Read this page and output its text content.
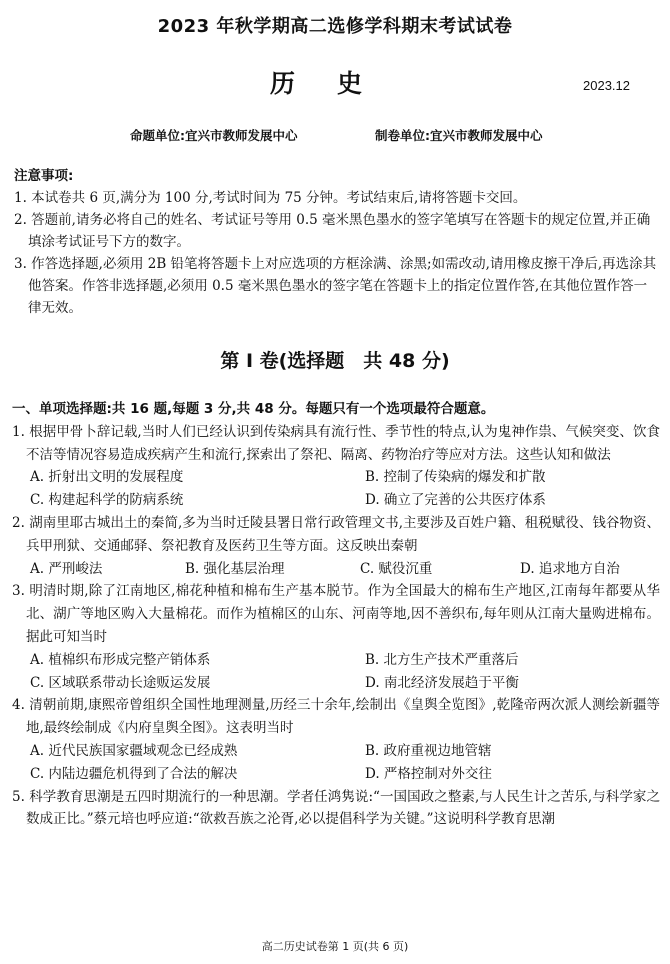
2023 年秋学期高二选修学科期末考试试卷
历史	2023.12
命题单位:宜兴市教师发展中心	制卷单位:宜兴市教师发展中心
注意事项:
1. 本试卷共 6 页,满分为 100 分,考试时间为 75 分钟。考试结束后,请将答题卡交回。
2. 答题前,请务必将自己的姓名、考试证号等用 0.5 毫米黑色墨水的签字笔填写在答题卡的规定位置,并正确填涂考试证号下方的数字。
3. 作答选择题,必须用 2B 铅笔将答题卡上对应选项的方框涂满、涂黑;如需改动,请用橡皮擦干净后,再选涂其他答案。作答非选择题,必须用 0.5 毫米黑色墨水的签字笔在答题卡上的指定位置作答,在其他位置作答一律无效。
第 I 卷(选择题　共 48 分)
一、单项选择题:共 16 题,每题 3 分,共 48 分。每题只有一个选项最符合题意。
1. 根据甲骨卜辞记载,当时人们已经认识到传染病具有流行性、季节性的特点,认为鬼神作祟、气候突变、饮食不洁等情况容易造成疾病产生和流行,探索出了祭祀、隔离、药物治疗等应对方法。这些认知和做法
A. 折射出文明的发展程度	B. 控制了传染病的爆发和扩散
C. 构建起科学的防病系统	D. 确立了完善的公共医疗体系
2. 湖南里耶古城出土的秦简,多为当时迁陵县署日常行政管理文书,主要涉及百姓户籍、租税赋役、钱谷物资、兵甲刑狱、交通邮驿、祭祀教育及医药卫生等方面。这反映出秦朝
A. 严刑峻法	B. 强化基层治理	C. 赋役沉重	D. 追求地方自治
3. 明清时期,除了江南地区,棉花种植和棉布生产基本脱节。作为全国最大的棉布生产地区,江南每年都要从华北、湖广等地区购入大量棉花。而作为植棉区的山东、河南等地,因不善织布,每年则从江南大量购进棉布。据此可知当时
A. 植棉织布形成完整产销体系	B. 北方生产技术严重落后
C. 区域联系带动长途贩运发展	D. 南北经济发展趋于平衡
4. 清朝前期,康熙帝曾组织全国性地理测量,历经三十余年,绘制出《皇舆全览图》,乾隆帝两次派人测绘新疆等地,最终绘制成《内府皇舆全图》。这表明当时
A. 近代民族国家疆域观念已经成熟	B. 政府重视边地管辖
C. 内陆边疆危机得到了合法的解决	D. 严格控制对外交往
5. 科学教育思潮是五四时期流行的一种思潮。学者任鸿隽说:“一国国政之整素,与人民生计之苦乐,与科学家之数成正比。”蔡元培也呼应道:“欲救吾族之沦胥,必以提倡科学为关键。”这说明科学教育思潮
高二历史试卷第 1 页(共 6 页)
